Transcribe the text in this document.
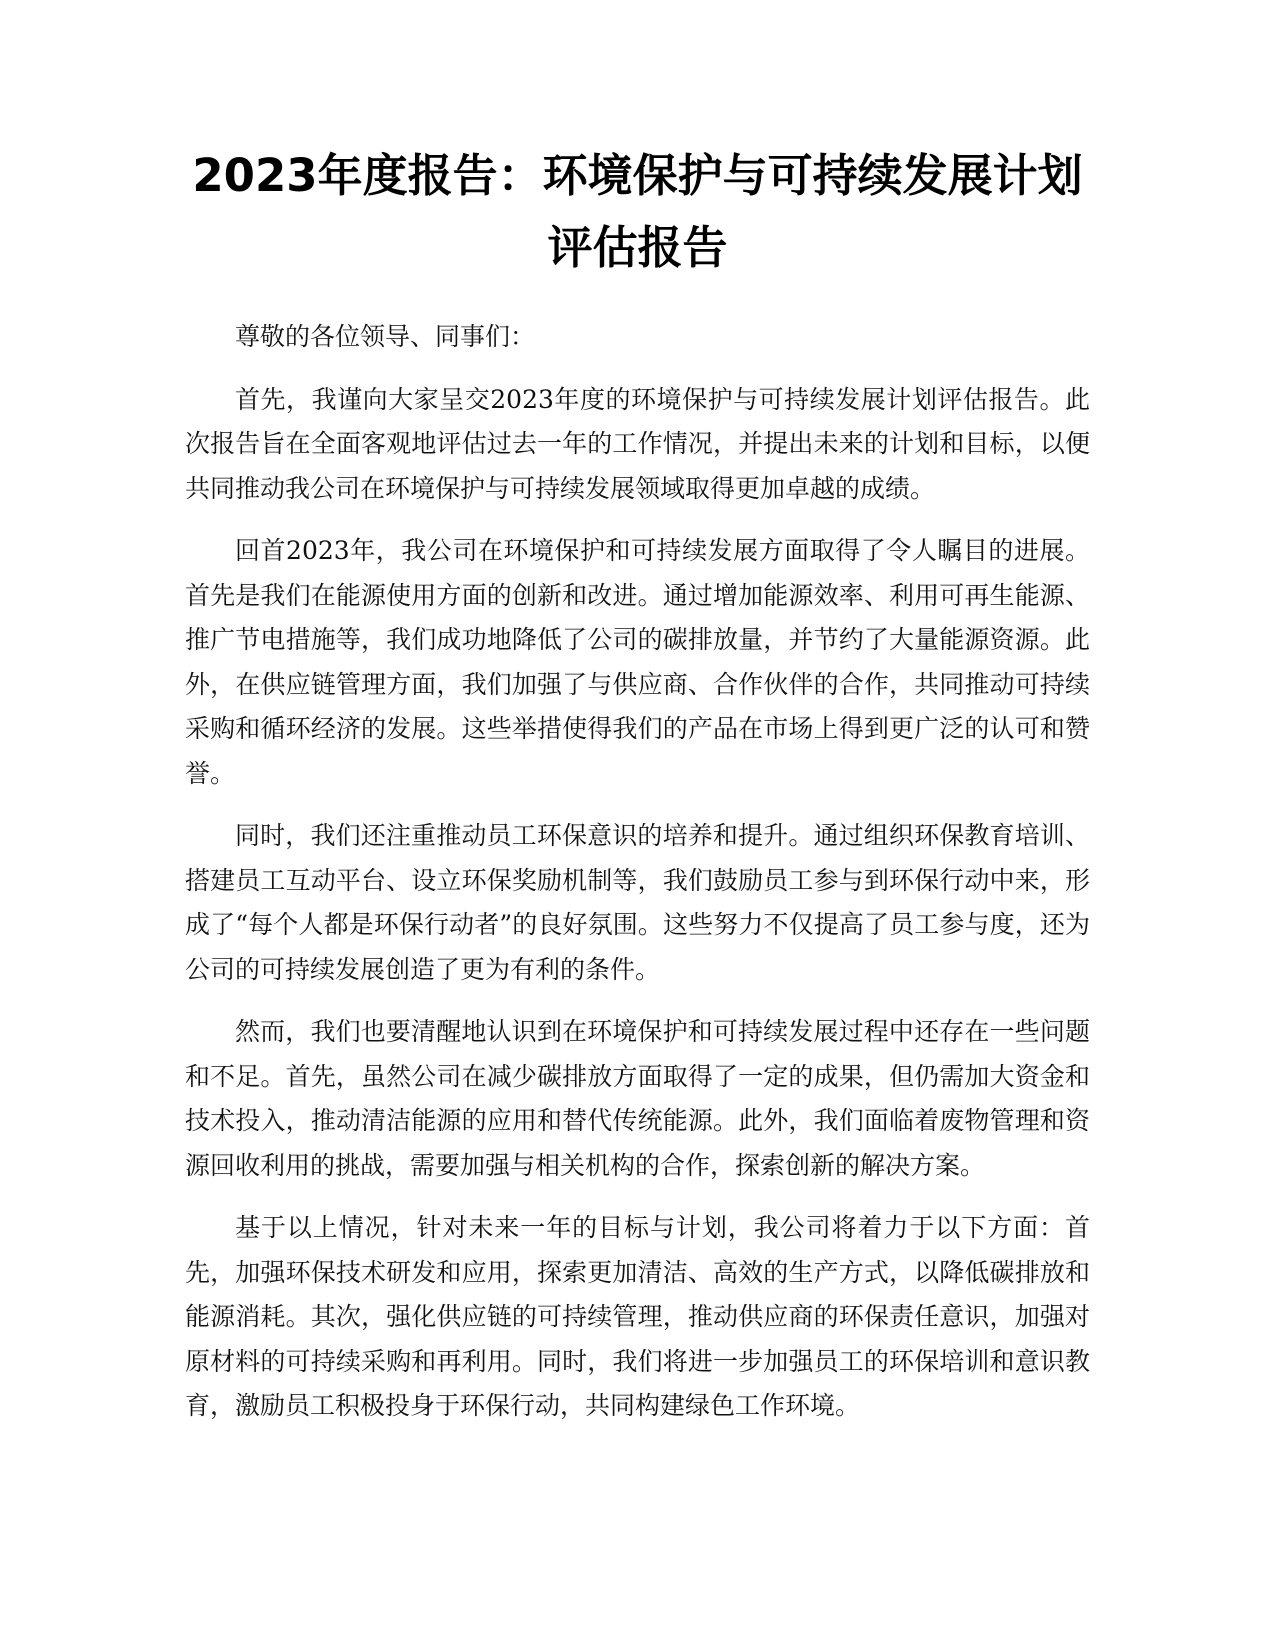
2023年度报告：环境保护与可持续发展计划评估报告

尊敬的各位领导、同事们：

首先，我谨向大家呈交2023年度的环境保护与可持续发展计划评估报告。此次报告旨在全面客观地评估过去一年的工作情况，并提出未来的计划和目标，以便共同推动我公司在环境保护与可持续发展领域取得更加卓越的成绩。

回首2023年，我公司在环境保护和可持续发展方面取得了令人瞩目的进展。首先是我们在能源使用方面的创新和改进。通过增加能源效率、利用可再生能源、推广节电措施等，我们成功地降低了公司的碳排放量，并节约了大量能源资源。此外，在供应链管理方面，我们加强了与供应商、合作伙伴的合作，共同推动可持续采购和循环经济的发展。这些举措使得我们的产品在市场上得到更广泛的认可和赞誉。

同时，我们还注重推动员工环保意识的培养和提升。通过组织环保教育培训、搭建员工互动平台、设立环保奖励机制等，我们鼓励员工参与到环保行动中来，形成了“每个人都是环保行动者”的良好氛围。这些努力不仅提高了员工参与度，还为公司的可持续发展创造了更为有利的条件。

然而，我们也要清醒地认识到在环境保护和可持续发展过程中还存在一些问题和不足。首先，虽然公司在减少碳排放方面取得了一定的成果，但仍需加大资金和技术投入，推动清洁能源的应用和替代传统能源。此外，我们面临着废物管理和资源回收利用的挑战，需要加强与相关机构的合作，探索创新的解决方案。

基于以上情况，针对未来一年的目标与计划，我公司将着力于以下方面：首先，加强环保技术研发和应用，探索更加清洁、高效的生产方式，以降低碳排放和能源消耗。其次，强化供应链的可持续管理，推动供应商的环保责任意识，加强对原材料的可持续采购和再利用。同时，我们将进一步加强员工的环保培训和意识教育，激励员工积极投身于环保行动，共同构建绿色工作环境。
